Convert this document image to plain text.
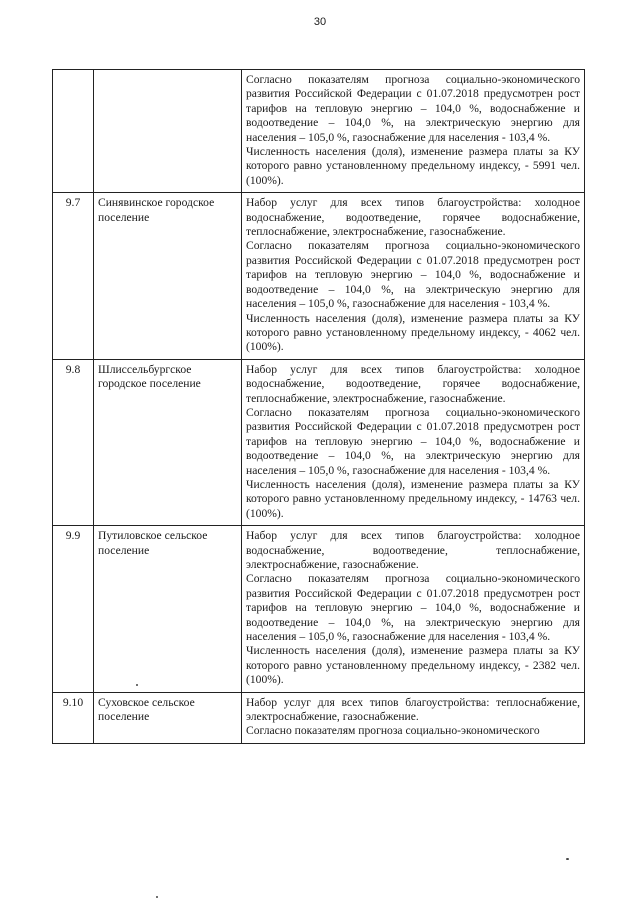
30

		Согласно показателям прогноза социально-экономического развития Российской Федерации с 01.07.2018 предусмотрен рост тарифов на тепловую энергию – 104,0 %, водоснабжение и водоотведение – 104,0 %, на электрическую энергию для населения – 105,0 %, газоснабжение для населения - 103,4 %.

Численность населения (доля), изменение размера платы за КУ которого равно установленному предельному индексу, - 5991 чел. (100%).

9.7	Синявинское городское поселение	Набор услуг для всех типов благоустройства: холодное водоснабжение, водоотведение, горячее водоснабжение, теплоснабжение, электроснабжение, газоснабжение.

Согласно показателям прогноза социально-экономического развития Российской Федерации с 01.07.2018 предусмотрен рост тарифов на тепловую энергию – 104,0 %, водоснабжение и водоотведение – 104,0 %, на электрическую энергию для населения – 105,0 %, газоснабжение для населения - 103,4 %.

Численность населения (доля), изменение размера платы за КУ которого равно установленному предельному индексу, - 4062 чел. (100%).

9.8	Шлиссельбургское городское поселение	Набор услуг для всех типов благоустройства: холодное водоснабжение, водоотведение, горячее водоснабжение, теплоснабжение, электроснабжение, газоснабжение.

Согласно показателям прогноза социально-экономического развития Российской Федерации с 01.07.2018 предусмотрен рост тарифов на тепловую энергию – 104,0 %, водоснабжение и водоотведение – 104,0 %, на электрическую энергию для населения – 105,0 %, газоснабжение для населения - 103,4 %.

Численность населения (доля), изменение размера платы за КУ которого равно установленному предельному индексу, - 14763 чел. (100%).

9.9	Путиловское сельское поселение	Набор услуг для всех типов благоустройства: холодное водоснабжение, водоотведение, теплоснабжение, электроснабжение, газоснабжение.

Согласно показателям прогноза социально-экономического развития Российской Федерации с 01.07.2018 предусмотрен рост тарифов на тепловую энергию – 104,0 %, водоснабжение и водоотведение – 104,0 %, на электрическую энергию для населения – 105,0 %, газоснабжение для населения - 103,4 %.

Численность населения (доля), изменение размера платы за КУ которого равно установленному предельному индексу, - 2382 чел. (100%).

9.10	Суховское сельское поселение	Набор услуг для всех типов благоустройства: теплоснабжение, электроснабжение, газоснабжение.

Согласно показателям прогноза социально-экономического
